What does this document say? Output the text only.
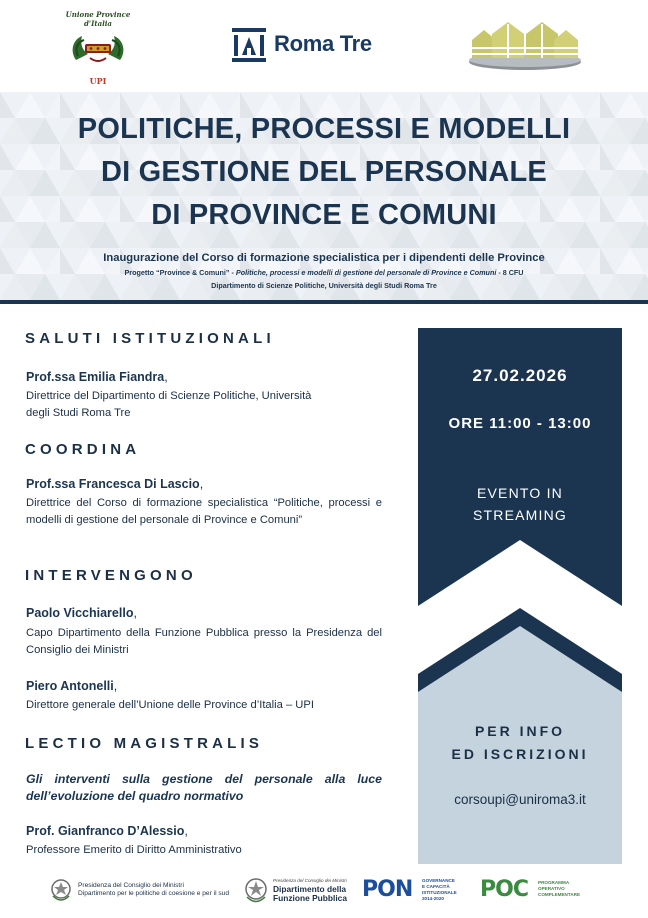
Unione Province d'Italia
UPI
Roma Tre
POLITICHE, PROCESSI E MODELLI
DI GESTIONE DEL PERSONALE
DI PROVINCE E COMUNI
Inaugurazione del Corso di formazione specialistica per i dipendenti delle Province
Progetto “Province & Comuni” - Politiche, processi e modelli di gestione del personale di Province e Comuni - 8 CFU
Dipartimento di Scienze Politiche, Università degli Studi Roma Tre
SALUTI ISTITUZIONALI
Prof.ssa Emilia Fiandra,
Direttrice del Dipartimento di Scienze Politiche, Università degli Studi Roma Tre
COORDINA
Prof.ssa Francesca Di Lascio,
Direttrice del Corso di formazione specialistica “Politiche, processi e modelli di gestione del personale di Province e Comuni”
INTERVENGONO
Paolo Vicchiarello,
Capo Dipartimento della Funzione Pubblica presso la Presidenza del Consiglio dei Ministri
Piero Antonelli,
Direttore generale dell’Unione delle Province d’Italia – UPI
LECTIO MAGISTRALIS
Gli interventi sulla gestione del personale alla luce dell’evoluzione del quadro normativo
Prof. Gianfranco D’Alessio,
Professore Emerito di Diritto Amministrativo
27.02.2026
ORE 11:00 - 13:00
EVENTO IN
STREAMING
PER INFO
ED ISCRIZIONI
corsoupi@uniroma3.it
Presidenza del Consiglio dei Ministri
Dipartimento per le politiche di coesione e per il sud
Presidenza del Consiglio dei Ministri
Dipartimento della
Funzione Pubblica PON GOVERNANCE
E CAPACITÀ
ISTITUZIONALE
2014-2020 POC PROGRAMMA
OPERATIVO
COMPLEMENTARE
